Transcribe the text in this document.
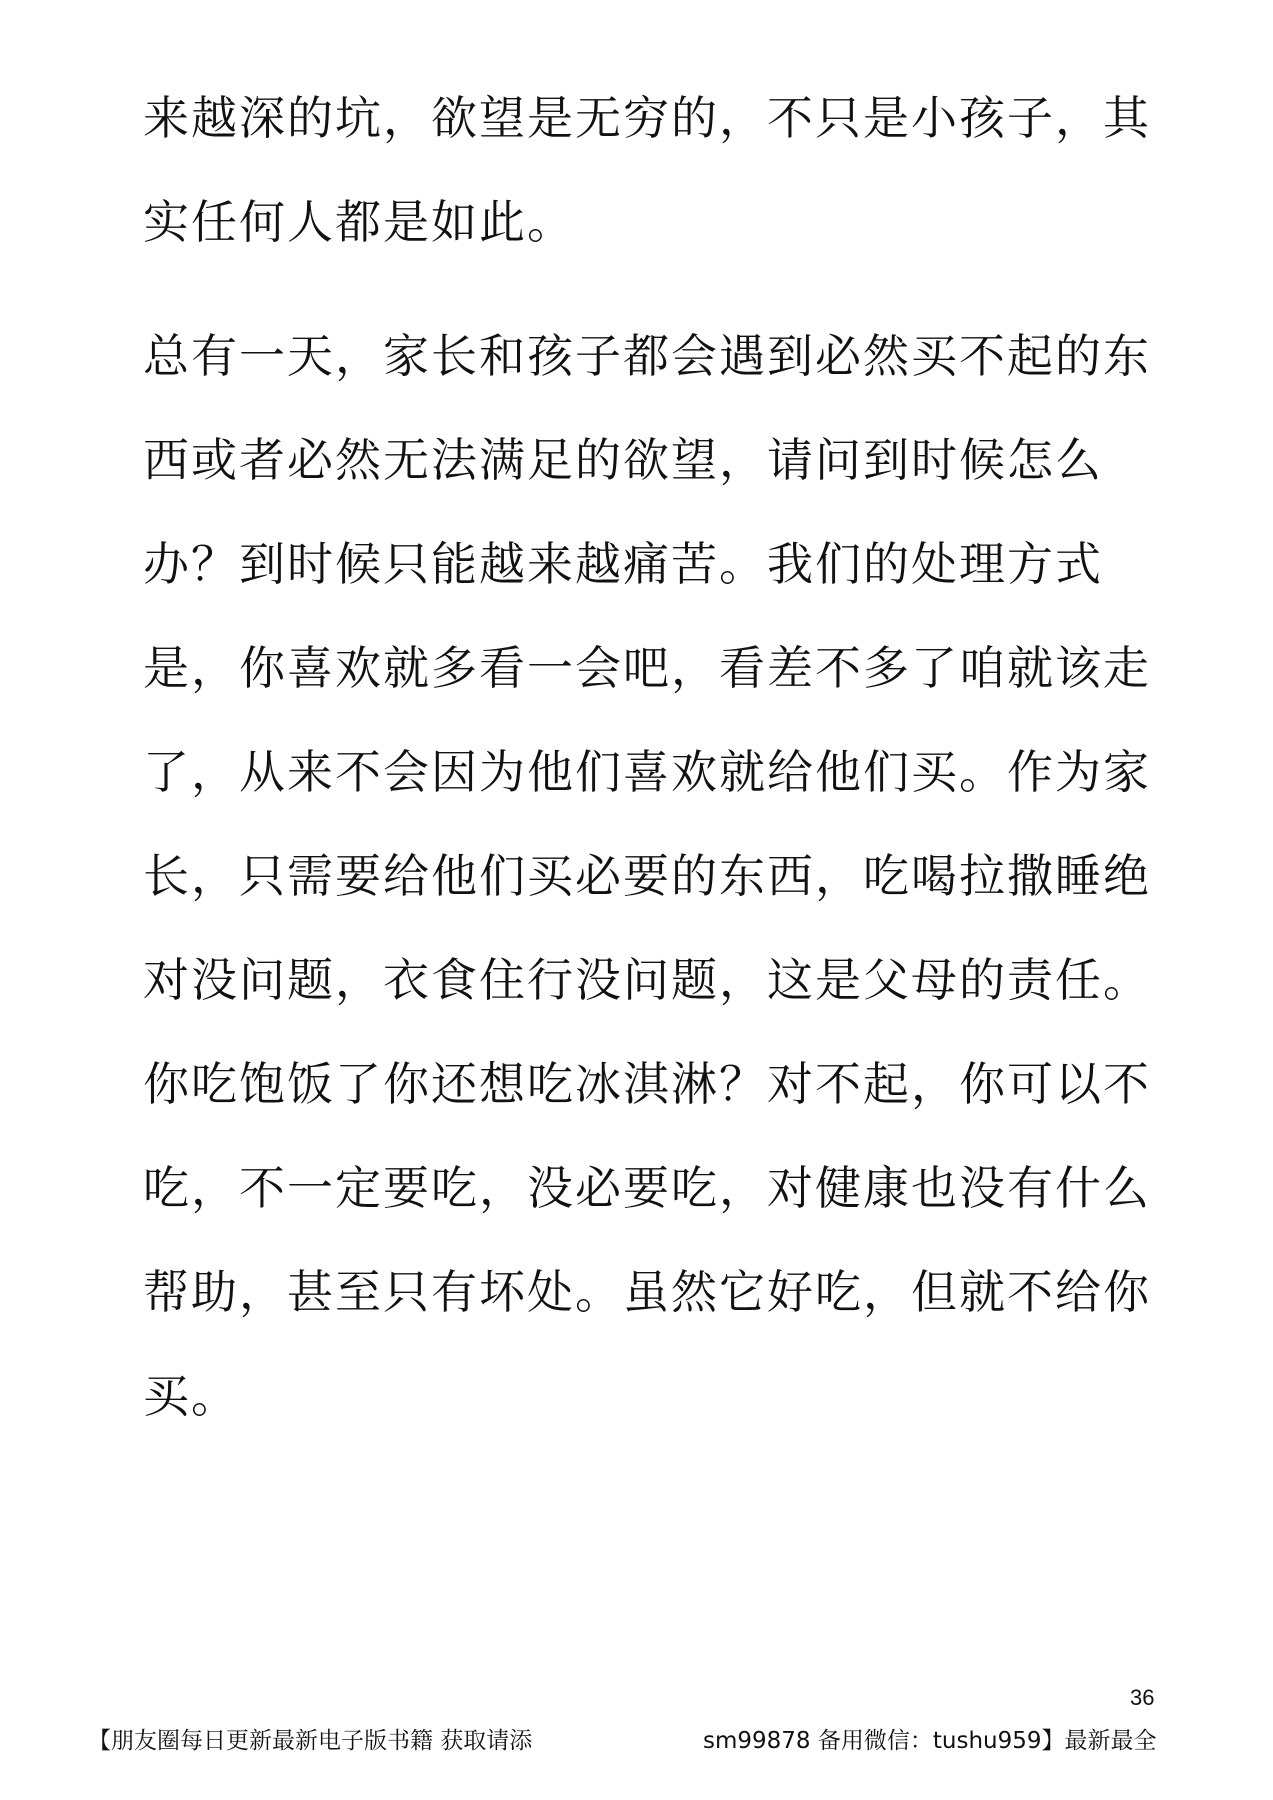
来越深的坑，欲望是无穷的，不只是小孩子，其
实任何人都是如此。
总有一天，家长和孩子都会遇到必然买不起的东
西或者必然无法满足的欲望，请问到时候怎么
办？到时候只能越来越痛苦。我们的处理方式
是，你喜欢就多看一会吧，看差不多了咱就该走
了，从来不会因为他们喜欢就给他们买。作为家
长，只需要给他们买必要的东西，吃喝拉撒睡绝
对没问题，衣食住行没问题，这是父母的责任。
你吃饱饭了你还想吃冰淇淋？对不起，你可以不
吃，不一定要吃，没必要吃，对健康也没有什么
帮助，甚至只有坏处。虽然它好吃，但就不给你
买。
36
【朋友圈每日更新最新电子版书籍 获取请添	sm99878 备用微信：tushu959】最新最全
